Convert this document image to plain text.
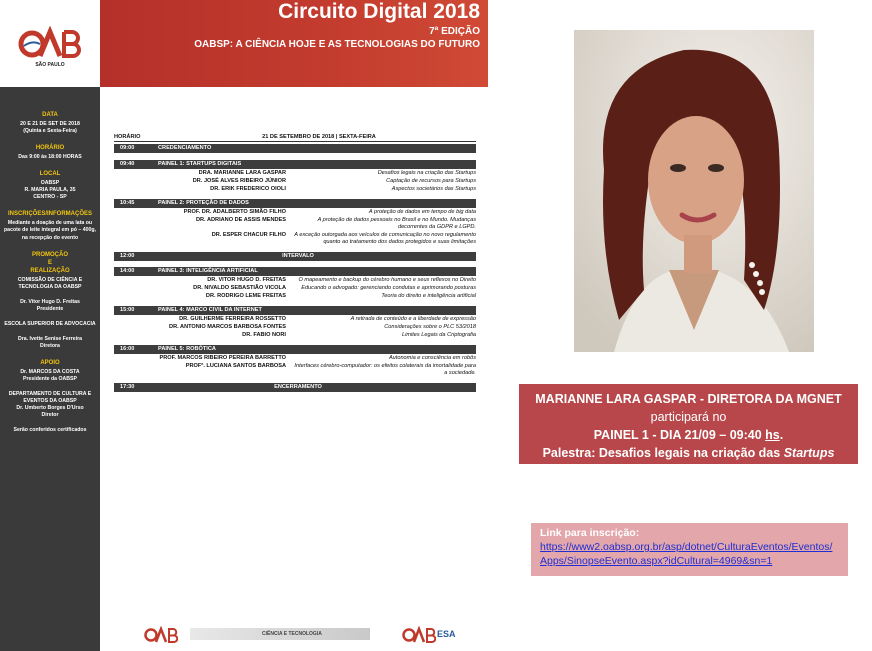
SÃO PAULO
Circuito Digital 2018
7ª EDIÇÃO
OABSP: A CIÊNCIA HOJE E AS TECNOLOGIAS DO FUTURO
DATA
20 E 21 DE SET DE 2018
(Quinta e Sexta-Feira)
HORÁRIO
Das 9:00 às 18:00 HORAS
LOCAL
OABSP
R. MARIA PAULA, 35
CENTRO - SP
INSCRIÇÕES/INFORMAÇÕES
Mediante a doação de uma lata ou pacote de leite integral em pó – 400g, na recepção do evento
PROMOÇÃO
E
REALIZAÇÃO
COMISSÃO DE CIÊNCIA E TECNOLOGIA DA OABSP
Dr. Vitor Hugo D. Freitas
Presidente
ESCOLA SUPERIOR DE ADVOCACIA
Dra. Ivette Senise Ferreira
Diretora
APOIO
Dr. MARCOS DA COSTA
Presidente da OABSP
DEPARTAMENTO DE CULTURA E EVENTOS DA OABSP
Dr. Umberto Borges D'Urso
Diretor
Serão conferidos certificados
HORÁRIO	21 DE SETEMBRO DE 2018 | SEXTA-FEIRA
09:00	CREDENCIAMENTO
09:40	PAINEL 1: STARTUPS DIGITAIS
DRA. MARIANNE LARA GASPAR	Desafios legais na criação das Startups
DR. JOSÉ ALVES RIBEIRO JÚNIOR	Captação de recursos para Startups
DR. ERIK FREDERICO OIOLI	Aspectos societários das Startups
10:45	PAINEL 2: PROTEÇÃO DE DADOS
PROF. DR. ADALBERTO SIMÃO FILHO	A proteção de dados em tempo de big data
DR. ADRIANO DE ASSIS MENDES	A proteção de dados pessoais no Brasil e no Mundo. Mudanças decorrentes da GDPR e LGPD.
DR. ESPER CHACUR FILHO	A exceção outorgada aos veículos de comunicação no novo regulamento quanto ao tratamento dos dados protegidos e suas limitações
12:00	INTERVALO
14:00	PAINEL 3: INTELIGÊNCIA ARTIFICIAL
DR. VITOR HUGO D. FREITAS	O mapeamento e backup do cérebro humano e seus reflexos no Direito
DR. NIVALDO SEBASTIÃO VICOLA	Educando o advogado: gerenciando condutas e aprimorando posturas
DR. RODRIGO LEME FREITAS	Teoria do direito e inteligência artificial
15:00	PAINEL 4: MARCO CIVIL DA INTERNET
DR. GUILHERME FERREIRA ROSSETTO	A retirada de conteúdo e a liberdade de expressão
DR. ANTONIO MARCOS BARBOSA FONTES	Considerações sobre o PLC 53/2018
DR. FABIO NORI	Limites Legais da Criptografia
16:00	PAINEL 5: ROBÓTICA
PROF. MARCOS RIBEIRO PEREIRA BARRETTO	Autonomia e consciência em robôs
PROFª. LUCIANA SANTOS BARBOSA	Interfaces cérebro-computador: os efeitos colaterais da imortalidade para a sociedade.
17:30	ENCERRAMENTO
CIÊNCIA E TECNOLOGIA	ESA
MARIANNE LARA GASPAR - DIRETORA DA MGNET
participará no
PAINEL 1 - DIA 21/09 – 09:40 hs.
Palestra: Desafios legais na criação das Startups
Link para inscrição:
https://www2.oabsp.org.br/asp/dotnet/CulturaEventos/Eventos/Apps/SinopseEvento.aspx?idCultural=4969&sn=1
